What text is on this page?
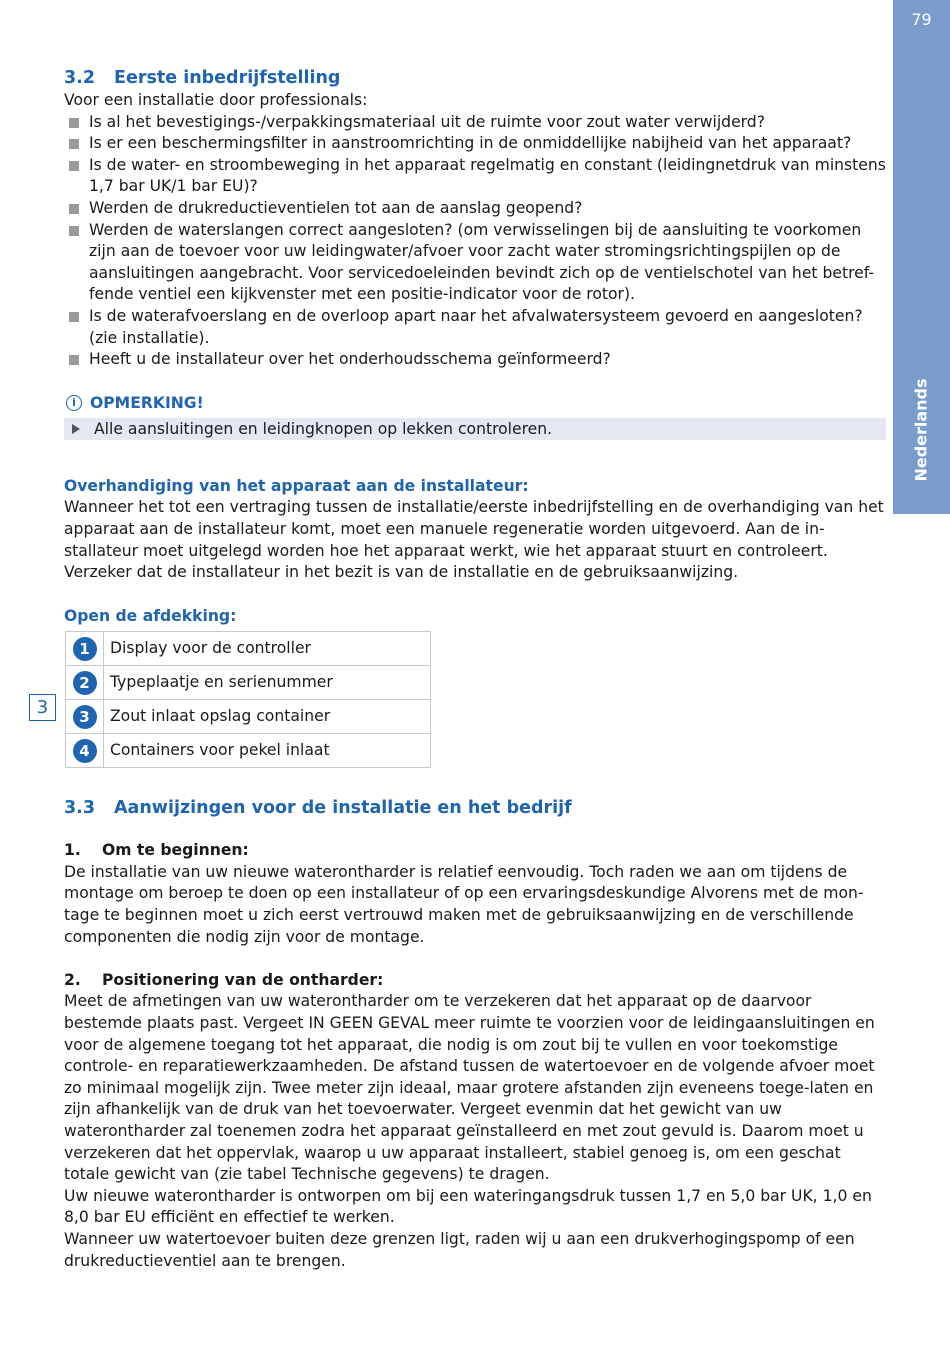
79
Nederlands
3
3.2 Eerste inbedrijfstelling

Voor een installatie door professionals:

Is al het bevestigings-/verpakkingsmateriaal uit de ruimte voor zout water verwijderd?
Is er een beschermingsfilter in aanstroomrichting in de onmiddellijke nabijheid van het apparaat?
Is de water- en stroombeweging in het apparaat regelmatig en constant (leidingnetdruk van minstens 1,7 bar UK/1 bar EU)?
Werden de drukreductieventielen tot aan de aanslag geopend?
Werden de waterslangen correct aangesloten? (om verwisselingen bij de aansluiting te voorkomen zijn aan de toevoer voor uw leidingwater/afvoer voor zacht water stromingsrichtingspijlen op de aansluitingen aangebracht. Voor servicedoeleinden bevindt zich op de ventielschotel van het betref-fende ventiel een kijkvenster met een positie-indicator voor de rotor).
Is de waterafvoerslang en de overloop apart naar het afvalwatersysteem gevoerd en aangesloten? (zie installatie).
Heeft u de installateur over het onderhoudsschema geïnformeerd?
i OPMERKING!
Alle aansluitingen en leidingknopen op lekken controleren.
Overhandiging van het apparaat aan de installateur:

Wanneer het tot een vertraging tussen de installatie/eerste inbedrijfstelling en de overhandiging van het apparaat aan de installateur komt, moet een manuele regeneratie worden uitgevoerd. Aan de in-stallateur moet uitgelegd worden hoe het apparaat werkt, wie het apparaat stuurt en controleert. Verzeker dat de installateur in het bezit is van de installatie en de gebruiksaanwijzing.

Open de afdekking:
1	Display voor de controller
2	Typeplaatje en serienummer
3	Zout inlaat opslag container
4	Containers voor pekel inlaat
3.3 Aanwijzingen voor de installatie en het bedrijf
1. Om te beginnen:

De installatie van uw nieuwe waterontharder is relatief eenvoudig. Toch raden we aan om tijdens de montage om beroep te doen op een installateur of op een ervaringsdeskundige Alvorens met de mon-tage te beginnen moet u zich eerst vertrouwd maken met de gebruiksaanwijzing en de verschillende componenten die nodig zijn voor de montage.

2. Positionering van de ontharder:

Meet de afmetingen van uw waterontharder om te verzekeren dat het apparaat op de daarvoor bestemde plaats past. Vergeet IN GEEN GEVAL meer ruimte te voorzien voor de leidingaansluitingen en voor de algemene toegang tot het apparaat, die nodig is om zout bij te vullen en voor toekomstige controle- en reparatiewerkzaamheden. De afstand tussen de watertoevoer en de volgende afvoer moet zo minimaal mogelijk zijn. Twee meter zijn ideaal, maar grotere afstanden zijn eveneens toege-laten en zijn afhankelijk van de druk van het toevoerwater. Vergeet evenmin dat het gewicht van uw waterontharder zal toenemen zodra het apparaat geïnstalleerd en met zout gevuld is. Daarom moet u verzekeren dat het oppervlak, waarop u uw apparaat installeert, stabiel genoeg is, om een geschat totale gewicht van (zie tabel Technische gegevens) te dragen.

Uw nieuwe waterontharder is ontworpen om bij een wateringangsdruk tussen 1,7 en 5,0 bar UK, 1,0 en 8,0 bar EU efficiënt en effectief te werken.

Wanneer uw watertoevoer buiten deze grenzen ligt, raden wij u aan een drukverhogingspomp of een drukreductieventiel aan te brengen.
